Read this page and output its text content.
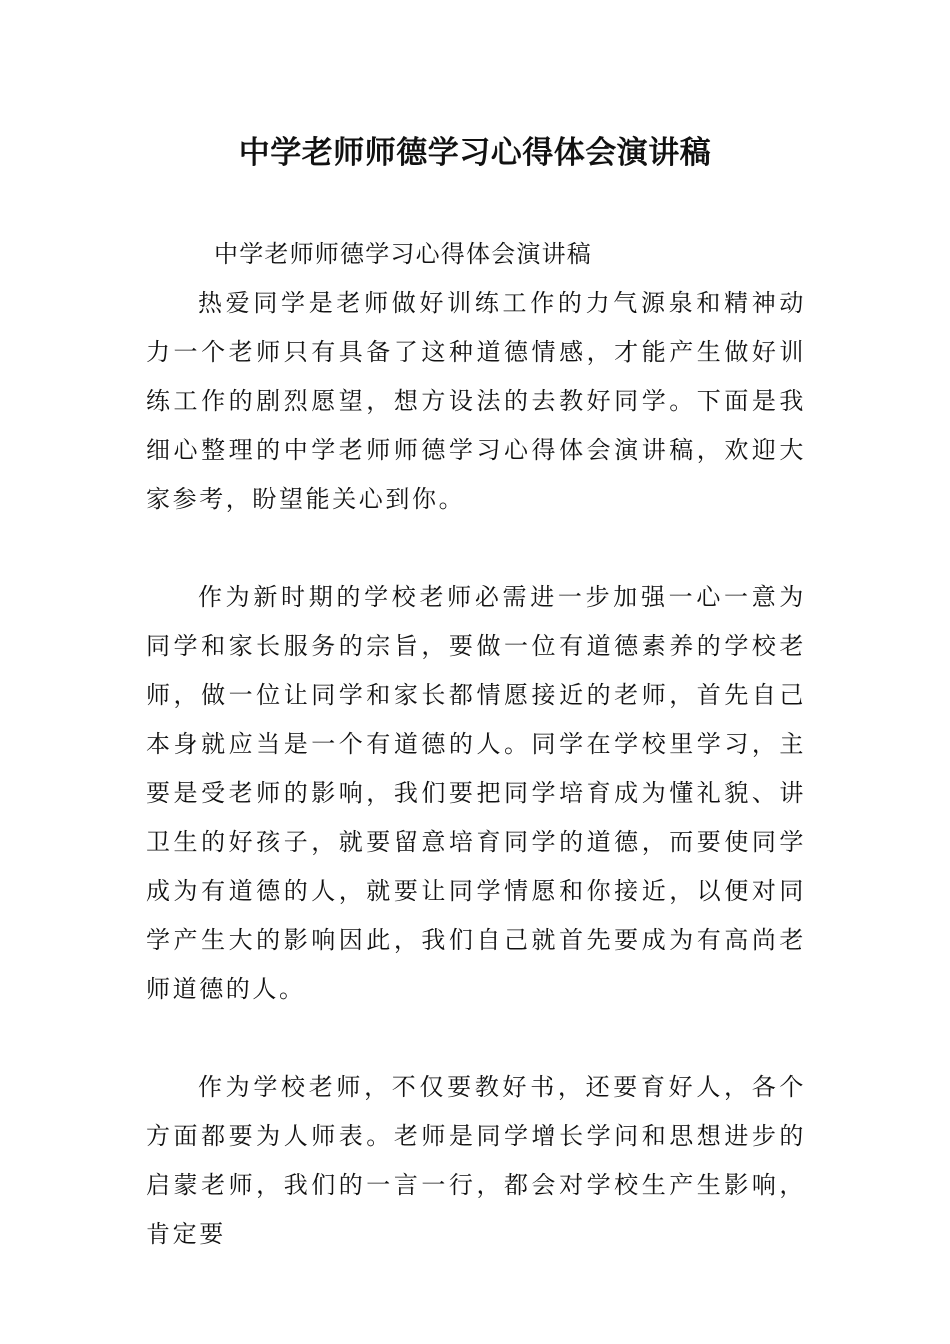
中学老师师德学习心得体会演讲稿

中学老师师德学习心得体会演讲稿

热爱同学是老师做好训练工作的力气源泉和精神动力一个老师只有具备了这种道德情感，才能产生做好训练工作的剧烈愿望，想方设法的去教好同学。下面是我细心整理的中学老师师德学习心得体会演讲稿，欢迎大家参考，盼望能关心到你。

作为新时期的学校老师必需进一步加强一心一意为同学和家长服务的宗旨，要做一位有道德素养的学校老师，做一位让同学和家长都情愿接近的老师，首先自己本身就应当是一个有道德的人。同学在学校里学习，主要是受老师的影响，我们要把同学培育成为懂礼貌、讲卫生的好孩子，就要留意培育同学的道德，而要使同学成为有道德的人，就要让同学情愿和你接近，以便对同学产生大的影响因此，我们自己就首先要成为有高尚老师道德的人。

作为学校老师，不仅要教好书，还要育好人，各个方面都要为人师表。老师是同学增长学问和思想进步的启蒙老师，我们的一言一行，都会对学校生产生影响，肯定要
